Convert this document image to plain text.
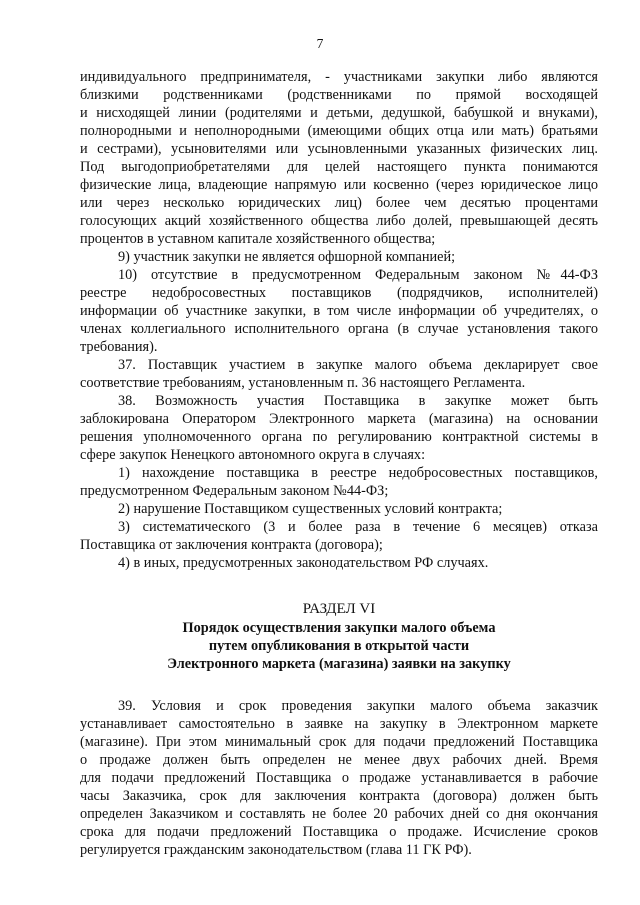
7
индивидуального предпринимателя, - участниками закупки либо являются
близкими родственниками (родственниками по прямой восходящей
и нисходящей линии (родителями и детьми, дедушкой, бабушкой и внуками),
полнородными и неполнородными (имеющими общих отца или мать) братьями
и сестрами), усыновителями или усыновленными указанных физических лиц.
Под выгодоприобретателями для целей настоящего пункта понимаются
физические лица, владеющие напрямую или косвенно (через юридическое лицо
или через несколько юридических лиц) более чем десятью процентами
голосующих акций хозяйственного общества либо долей, превышающей десять
процентов в уставном капитале хозяйственного общества;
9) участник закупки не является офшорной компанией;
10) отсутствие в предусмотренном Федеральным законом №44-ФЗ
реестре недобросовестных поставщиков (подрядчиков, исполнителей)
информации об участнике закупки, в том числе информации об учредителях, о
членах коллегиального исполнительного органа (в случае установления такого
требования).
37. Поставщик участием в закупке малого объема декларирует свое
соответствие требованиям, установленным п. 36 настоящего Регламента.
38. Возможность участия Поставщика в закупке может быть
заблокирована Оператором Электронного маркета (магазина) на основании
решения уполномоченного органа по регулированию контрактной системы в
сфере закупок Ненецкого автономного округа в случаях:
1) нахождение поставщика в реестре недобросовестных поставщиков,
предусмотренном Федеральным законом №44-ФЗ;
2) нарушение Поставщиком существенных условий контракта;
3) систематического (3 и более раза в течение 6 месяцев) отказа
Поставщика от заключения контракта (договора);
4) в иных, предусмотренных законодательством РФ случаях.
РАЗДЕЛ VI
Порядок осуществления закупки малого объема
путем опубликования в открытой части
Электронного маркета (магазина) заявки на закупку
39. Условия и срок проведения закупки малого объема заказчик
устанавливает самостоятельно в заявке на закупку в Электронном маркете
(магазине). При этом минимальный срок для подачи предложений Поставщика
о продаже должен быть определен не менее двух рабочих дней. Время
для подачи предложений Поставщика о продаже устанавливается в рабочие
часы Заказчика, срок для заключения контракта (договора) должен быть
определен Заказчиком и составлять не более 20 рабочих дней со дня окончания
срока для подачи предложений Поставщика о продаже. Исчисление сроков
регулируется гражданским законодательством (глава 11 ГК РФ).
